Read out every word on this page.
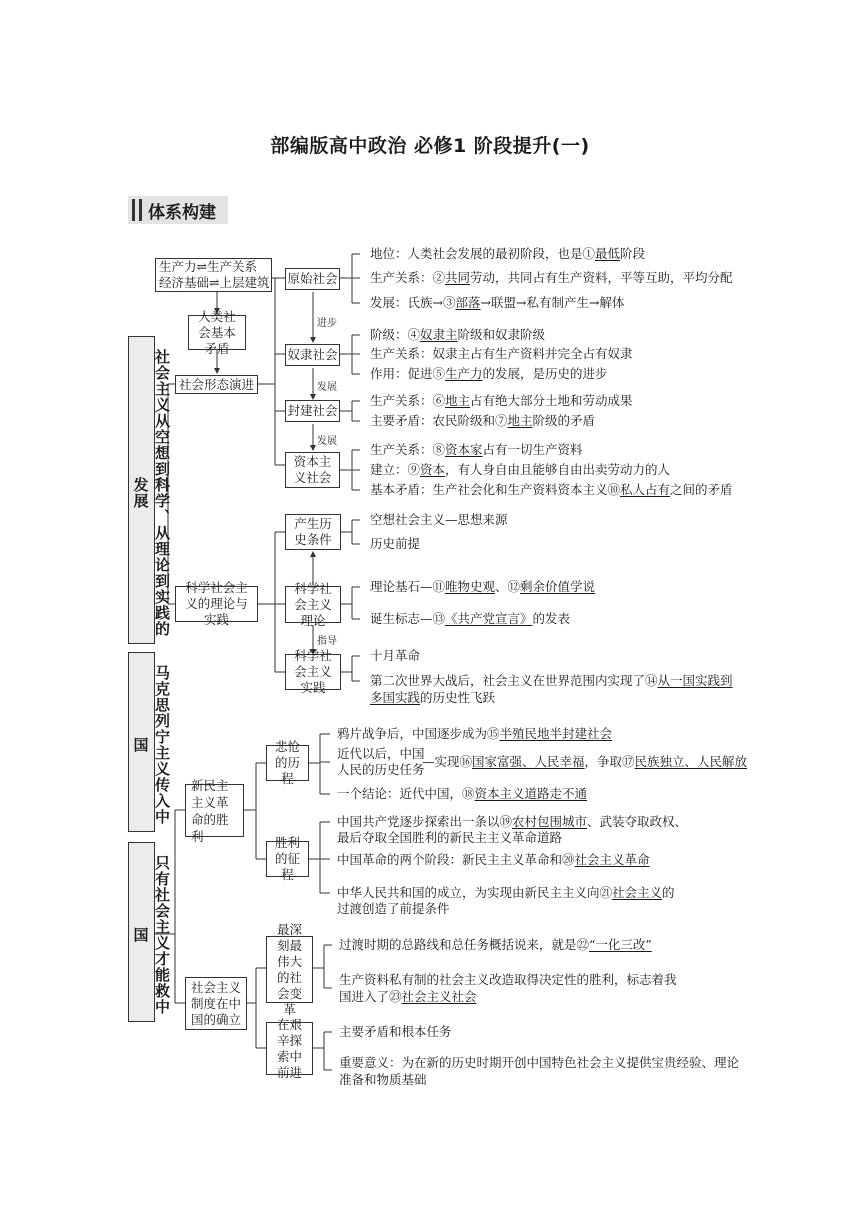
部编版高中政治 必修1 阶段提升(一)
体系构建
社会主义从空想到科学、从理论到实践的发展
马克思列宁主义传入中国
只有社会主义才能救中国
生产力⇌生产关系
经济基础⇌上层建筑
人类社会基本矛盾
社会形态演进
原始社会
进步
奴隶社会
发展
封建社会
发展
资本主义社会
地位：人类社会发展的最初阶段，也是①最低阶段
生产关系：②共同劳动，共同占有生产资料，平等互助，平均分配
发展：氏族→③部落→联盟→私有制产生→解体
阶级：④奴隶主阶级和奴隶阶级
生产关系：奴隶主占有生产资料并完全占有奴隶
作用：促进⑤生产力的发展，是历史的进步
生产关系：⑥地主占有绝大部分土地和劳动成果
主要矛盾：农民阶级和⑦地主阶级的矛盾
生产关系：⑧资本家占有一切生产资料
建立：⑨资本，有人身自由且能够自由出卖劳动力的人
基本矛盾：生产社会化和生产资料资本主义⑩私人占有之间的矛盾
科学社会主义的理论与实践
产生历史条件
科学社会主义理论
指导
科学社会主义实践
空想社会主义—思想来源
历史前提
理论基石—⑪唯物史观、⑫剩余价值学说
诞生标志—⑬《共产党宣言》的发表
十月革命
第二次世界大战后，社会主义在世界范围内实现了⑭从一国实践到
多国实践的历史性飞跃
新民主主义革命的胜利
悲怆的历程
胜利的征程
鸦片战争后，中国逐步成为⑮半殖民地半封建社会
近代以后，中国
人民的历史任务
—实现⑯国家富强、人民幸福，争取⑰民族独立、人民解放
一个结论：近代中国，⑱资本主义道路走不通
中国共产党逐步探索出一条以⑲农村包围城市、武装夺取政权、
最后夺取全国胜利的新民主主义革命道路
中国革命的两个阶段：新民主主义革命和⑳社会主义革命
中华人民共和国的成立，为实现由新民主主义向㉑社会主义的
过渡创造了前提条件
社会主义制度在中国的确立
最深刻最伟大的社会变革
在艰辛探索中前进
过渡时期的总路线和总任务概括说来，就是㉒“一化三改”
生产资料私有制的社会主义改造取得决定性的胜利，标志着我
国进入了㉓社会主义社会
主要矛盾和根本任务
重要意义：为在新的历史时期开创中国特色社会主义提供宝贵经验、理论
准备和物质基础
